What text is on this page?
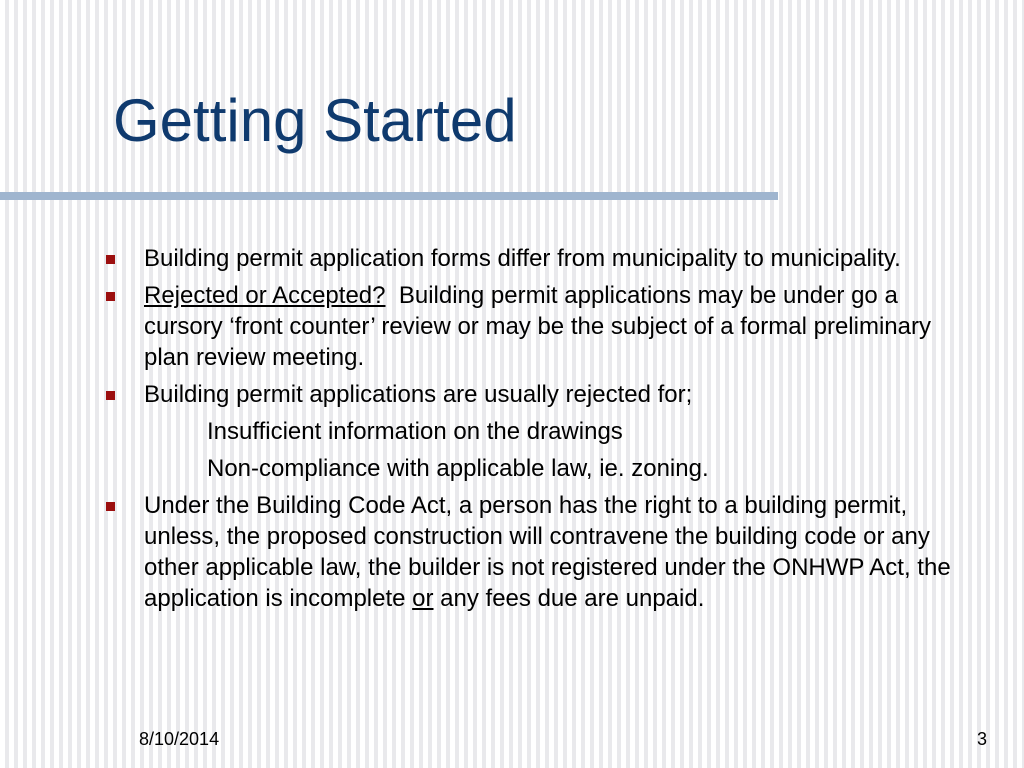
Getting Started
Building permit application forms differ from municipality to municipality.
Rejected or Accepted?  Building permit applications may be under go a cursory ‘front counter’ review or may be the subject of a formal preliminary plan review meeting.
Building permit applications are usually rejected for;
Insufficient information on the drawings
Non-compliance with applicable law, ie. zoning.
Under the Building Code Act, a person has the right to a building permit, unless, the proposed construction will contravene the building code or any other applicable law, the builder is not registered under the ONHWP Act, the application is incomplete or any fees due are unpaid.
8/10/2014	3
